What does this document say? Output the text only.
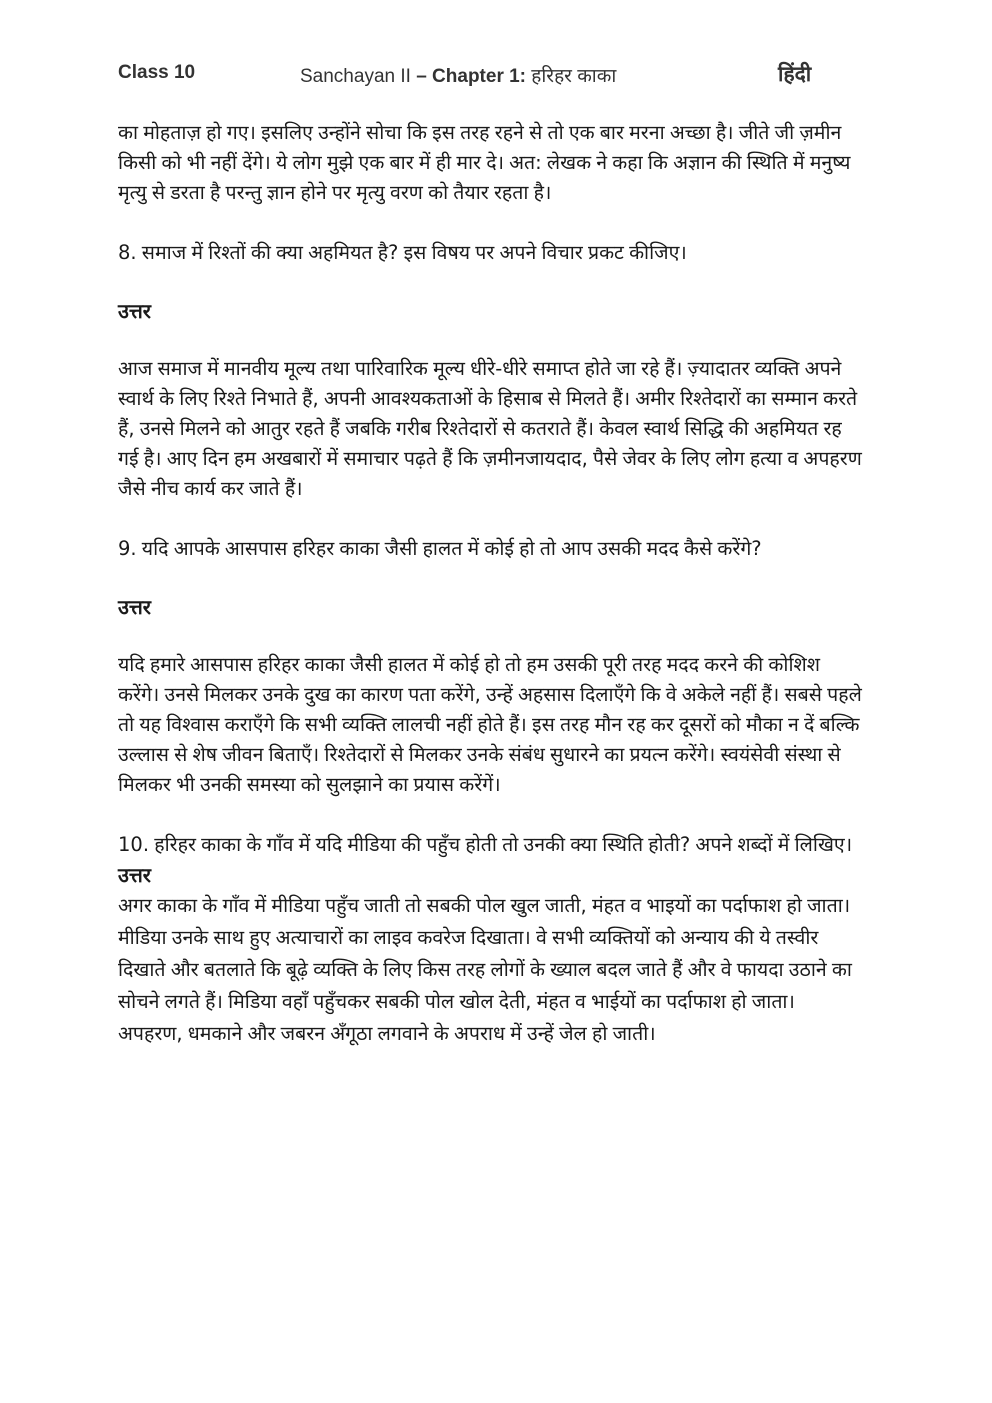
Class 10	Sanchayan II – Chapter 1: हरिहर काका	हिंदी

का मोहताज़ हो गए। इसलिए उन्होंने सोचा कि इस तरह रहने से तो एक बार मरना अच्छा है। जीते जी ज़मीन किसी को भी नहीं देंगे। ये लोग मुझे एक बार में ही मार दे। अत: लेखक ने कहा कि अज्ञान की स्थिति में मनुष्य मृत्यु से डरता है परन्तु ज्ञान होने पर मृत्यु वरण को तैयार रहता है।

8. समाज में रिश्तों की क्या अहमियत है? इस विषय पर अपने विचार प्रकट कीजिए।

उत्तर

आज समाज में मानवीय मूल्य तथा पारिवारिक मूल्य धीरे-धीरे समाप्त होते जा रहे हैं। ज़्यादातर व्यक्ति अपने स्वार्थ के लिए रिश्ते निभाते हैं, अपनी आवश्यकताओं के हिसाब से मिलते हैं। अमीर रिश्तेदारों का सम्मान करते हैं, उनसे मिलने को आतुर रहते हैं जबकि गरीब रिश्तेदारों से कतराते हैं। केवल स्वार्थ सिद्धि की अहमियत रह गई है। आए दिन हम अखबारों में समाचार पढ़ते हैं कि ज़मीनजायदाद, पैसे जेवर के लिए लोग हत्या व अपहरण जैसे नीच कार्य कर जाते हैं।

9. यदि आपके आसपास हरिहर काका जैसी हालत में कोई हो तो आप उसकी मदद कैसे करेंगे?

उत्तर

यदि हमारे आसपास हरिहर काका जैसी हालत में कोई हो तो हम उसकी पूरी तरह मदद करने की कोशिश करेंगे। उनसे मिलकर उनके दुख का कारण पता करेंगे, उन्हें अहसास दिलाएँगे कि वे अकेले नहीं हैं। सबसे पहले तो यह विश्वास कराएँगे कि सभी व्यक्ति लालची नहीं होते हैं। इस तरह मौन रह कर दूसरों को मौका न दें बल्कि उल्लास से शेष जीवन बिताएँ। रिश्तेदारों से मिलकर उनके संबंध सुधारने का प्रयत्न करेंगे। स्वयंसेवी संस्था से मिलकर भी उनकी समस्या को सुलझाने का प्रयास करेंगें।

10. हरिहर काका के गाँव में यदि मीडिया की पहुँच होती तो उनकी क्या स्थिति होती? अपने शब्दों में लिखिए।

उत्तर

अगर काका के गाँव में मीडिया पहुँच जाती तो सबकी पोल खुल जाती, मंहत व भाइयों का पर्दाफाश हो जाता। मीडिया उनके साथ हुए अत्याचारों का लाइव कवरेज दिखाता। वे सभी व्यक्तियों को अन्याय की ये तस्वीर दिखाते और बतलाते कि बूढ़े व्यक्ति के लिए किस तरह लोगों के ख्याल बदल जाते हैं और वे फायदा उठाने का सोचने लगते हैं। मिडिया वहाँ पहुँचकर सबकी पोल खोल देती, मंहत व भाईयों का पर्दाफाश हो जाता। अपहरण, धमकाने और जबरन अँगूठा लगवाने के अपराध में उन्हें जेल हो जाती।
